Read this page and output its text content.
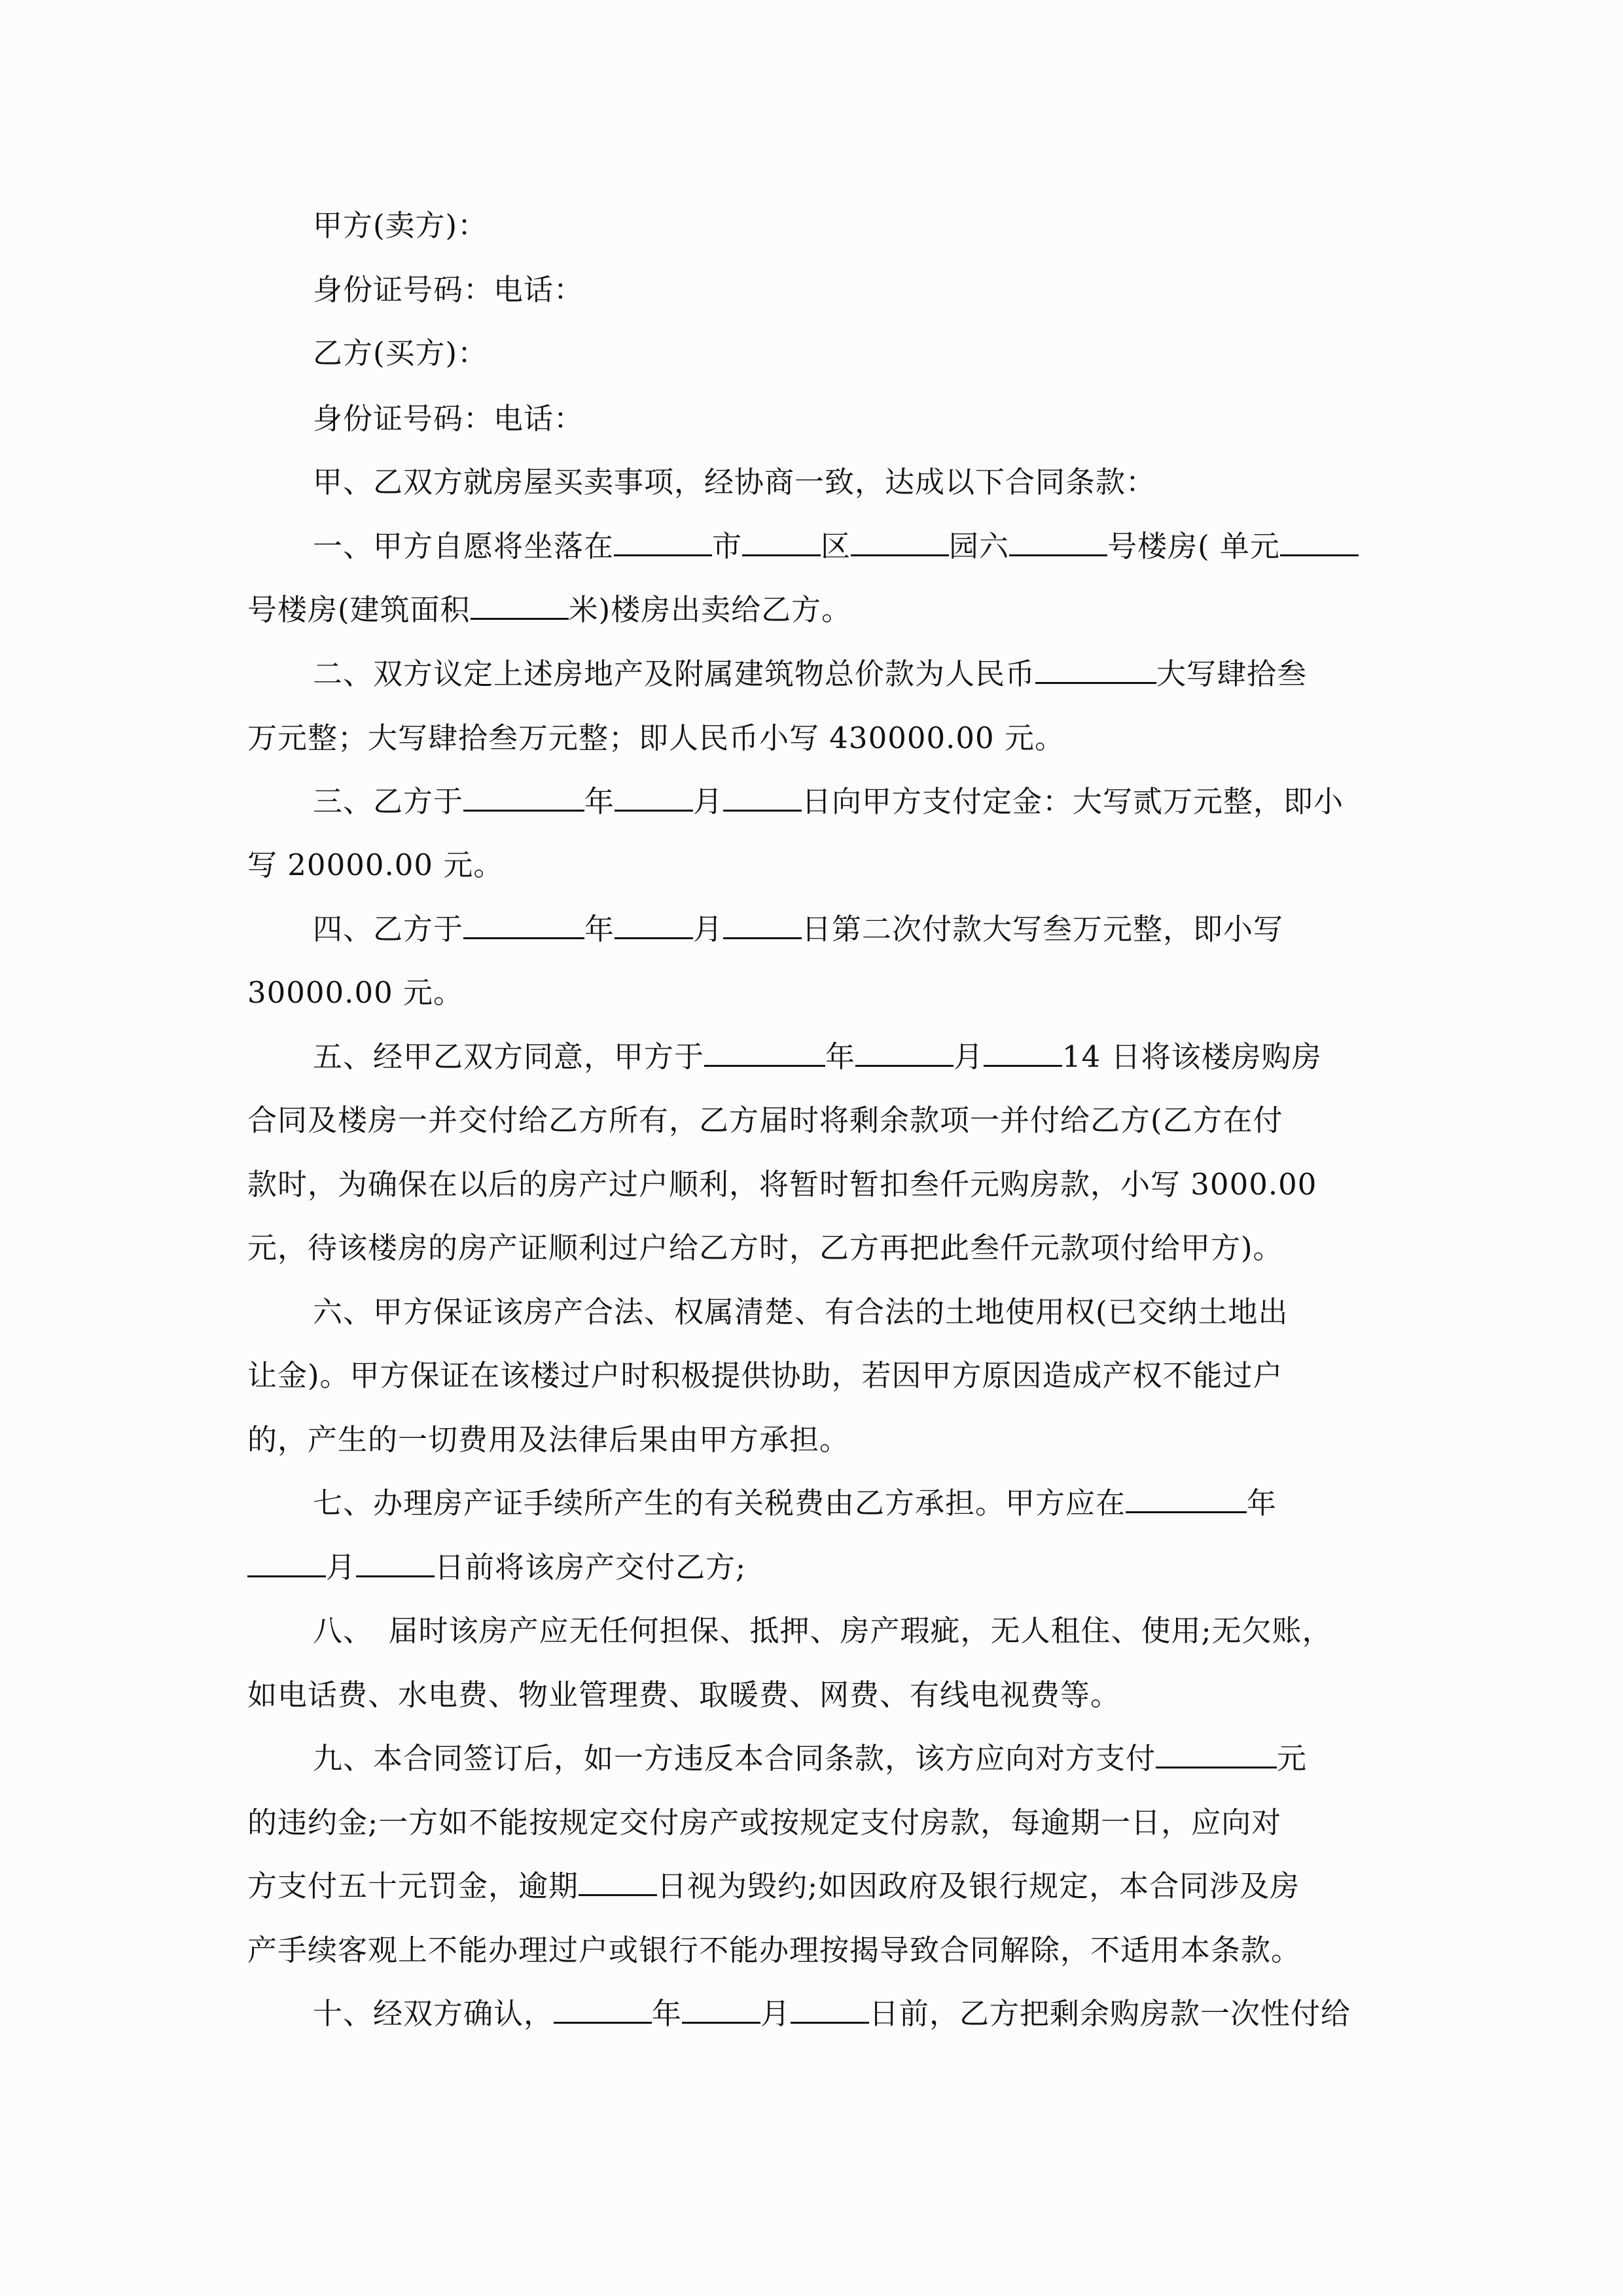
甲方(卖方)：
身份证号码：电话：
乙方(买方)：
身份证号码：电话：
甲、乙双方就房屋买卖事项，经协商一致，达成以下合同条款：
一、甲方自愿将坐落在	市	区	园六	号楼房( 单元
号楼房(建筑面积	米)楼房出卖给乙方。
二、双方议定上述房地产及附属建筑物总价款为人民币	大写肆拾叁
万元整；大写肆拾叁万元整；即人民币小写 430000.00 元。
三、乙方于	年	月	日向甲方支付定金：大写贰万元整，即小
写 20000.00 元。
四、乙方于	年	月	日第二次付款大写叁万元整，即小写
30000.00 元。
五、经甲乙双方同意，甲方于	年	月	14 日将该楼房购房
合同及楼房一并交付给乙方所有，乙方届时将剩余款项一并付给乙方(乙方在付
款时，为确保在以后的房产过户顺利，将暂时暂扣叁仟元购房款，小写 3000.00
元，待该楼房的房产证顺利过户给乙方时，乙方再把此叁仟元款项付给甲方)。
六、甲方保证该房产合法、权属清楚、有合法的土地使用权(已交纳土地出
让金)。甲方保证在该楼过户时积极提供协助，若因甲方原因造成产权不能过户
的，产生的一切费用及法律后果由甲方承担。
七、办理房产证手续所产生的有关税费由乙方承担。甲方应在	年
月	日前将该房产交付乙方;
八、　届时该房产应无任何担保、抵押、房产瑕疵，无人租住、使用;无欠账，
如电话费、水电费、物业管理费、取暖费、网费、有线电视费等。
九、本合同签订后，如一方违反本合同条款，该方应向对方支付	元
的违约金;一方如不能按规定交付房产或按规定支付房款，每逾期一日，应向对
方支付五十元罚金，逾期	日视为毁约;如因政府及银行规定，本合同涉及房
产手续客观上不能办理过户或银行不能办理按揭导致合同解除，不适用本条款。
十、经双方确认，	年	月	日前，乙方把剩余购房款一次性付给
